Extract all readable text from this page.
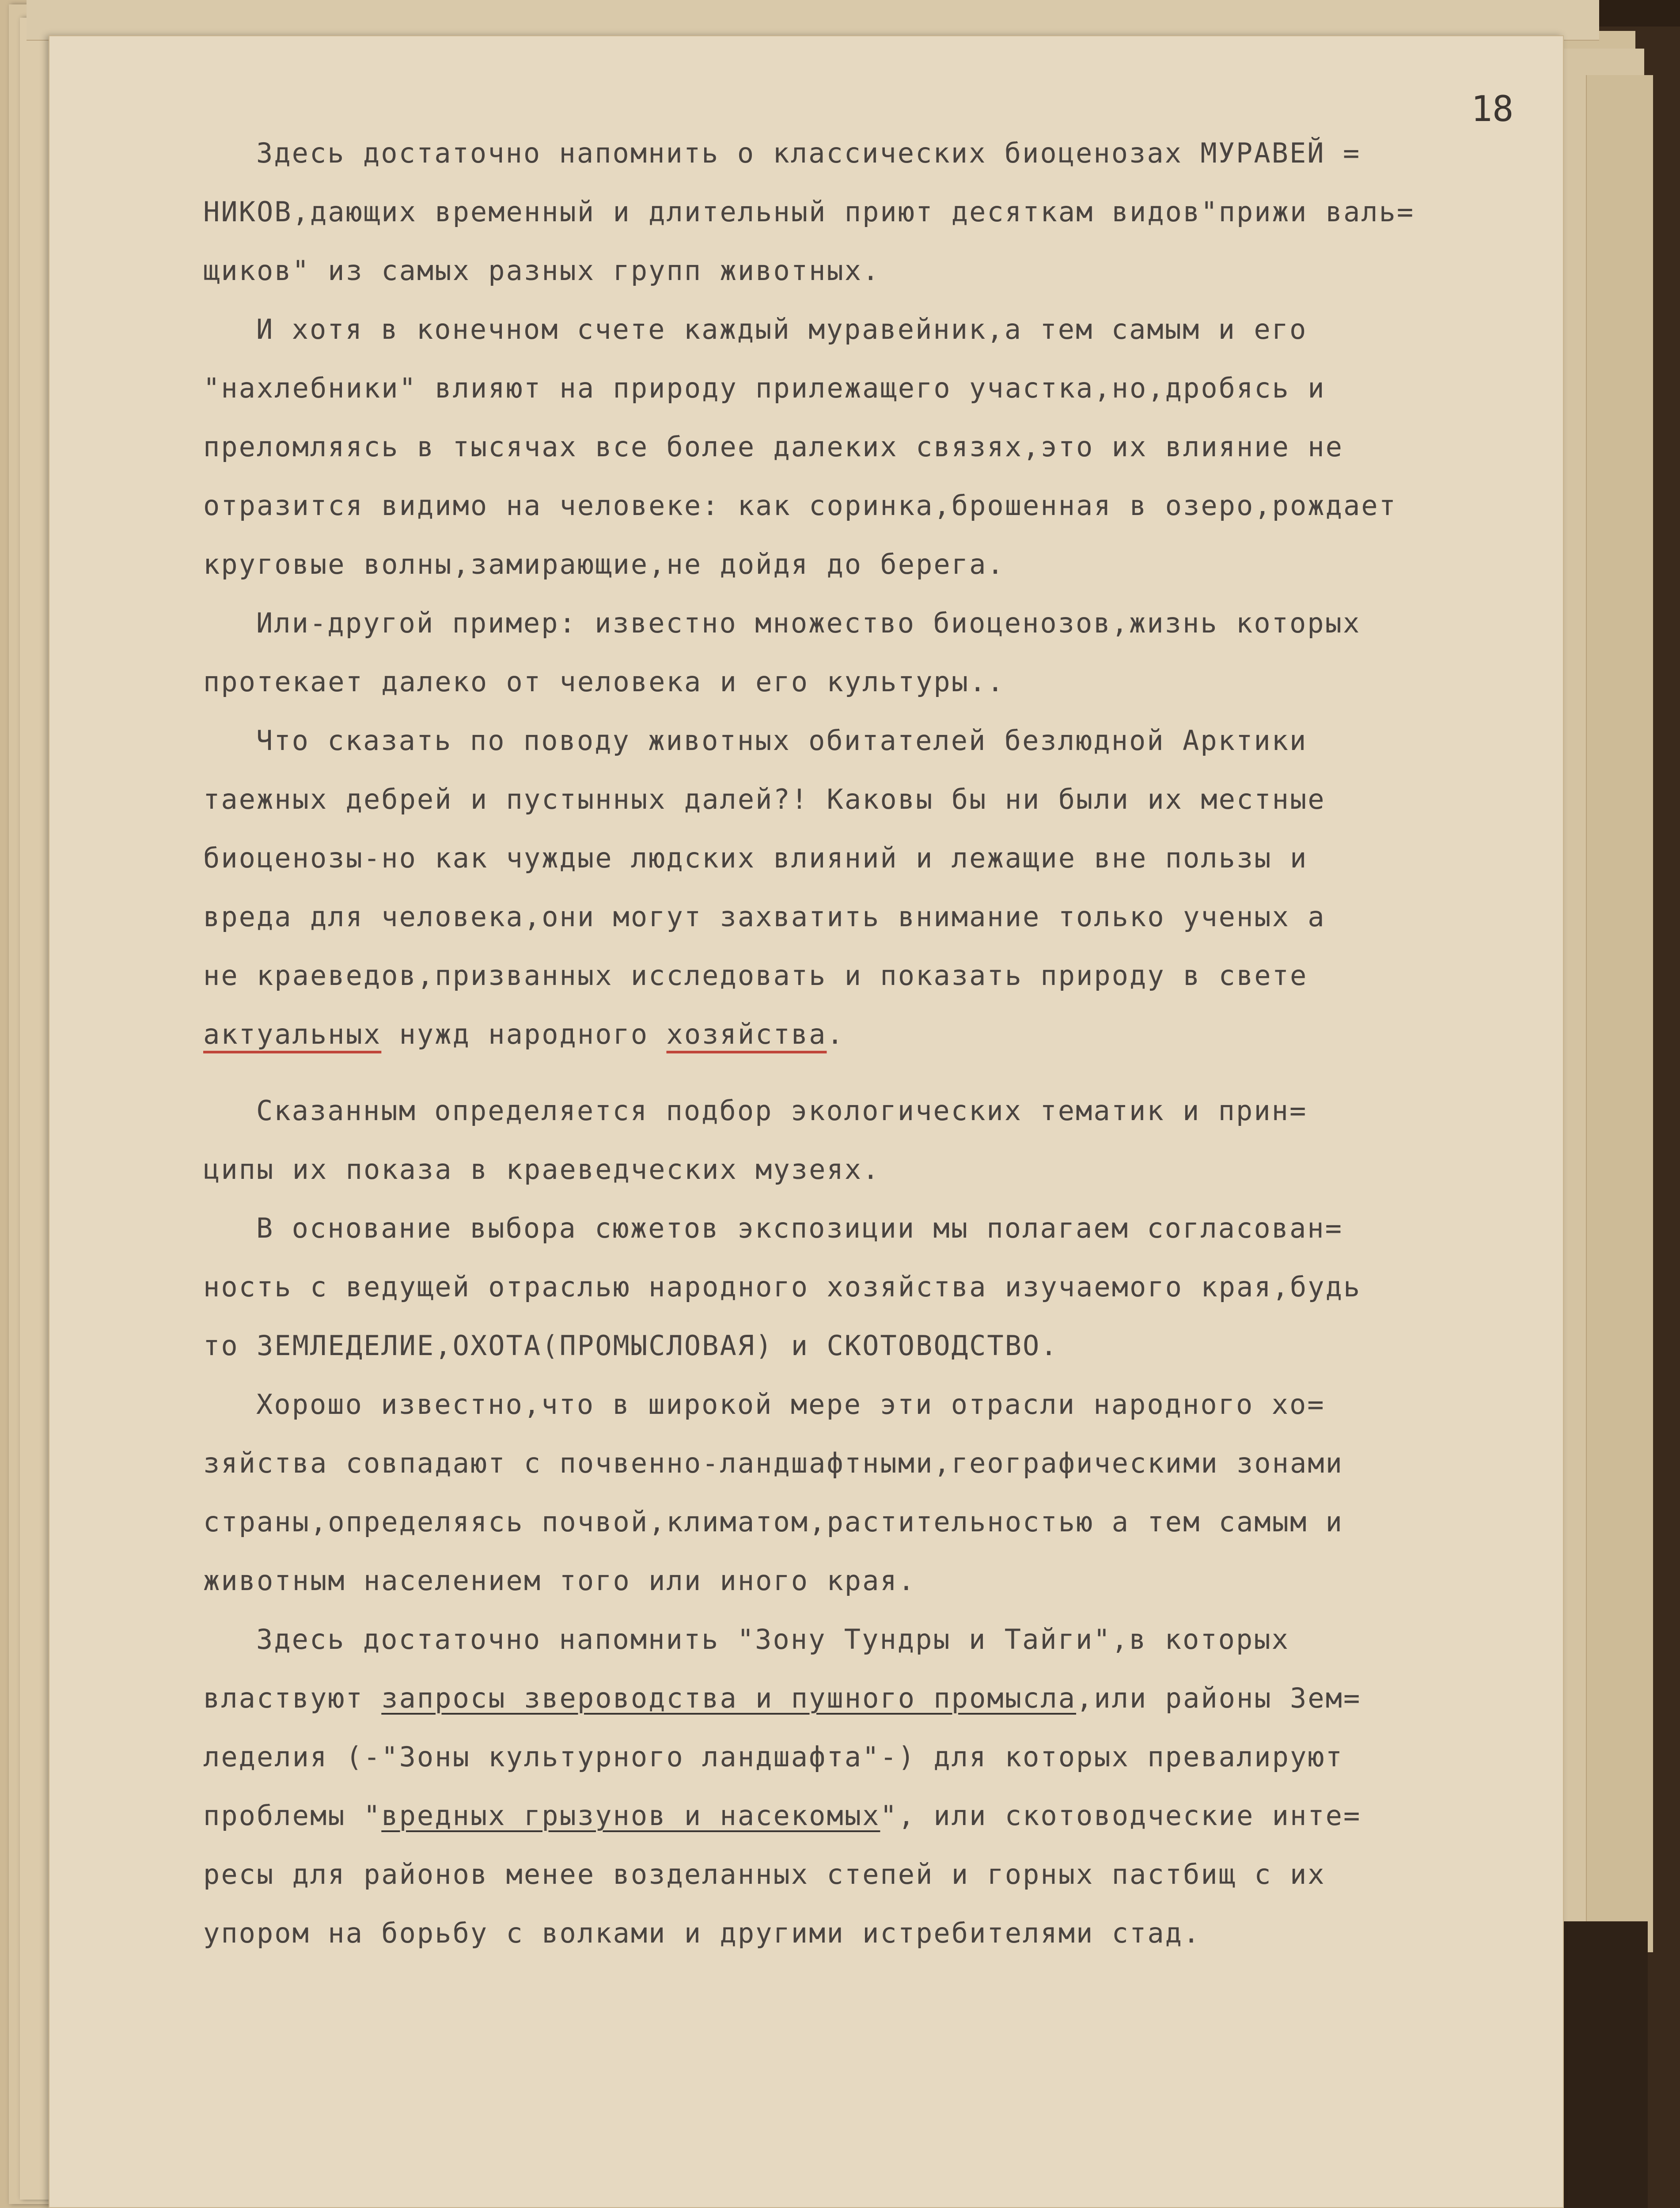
18

Здесь достаточно напомнить о классических биоценозах МУРАВЕЙ =
НИКОВ,дающих временный и длительный приют десяткам видов"прижи валь=
щиков" из самых разных групп животных.
И хотя в конечном счете каждый муравейник,а тем самым и его
"нахлебники" влияют на природу прилежащего участка,но,дробясь и
преломляясь в тысячах все более далеких связях,это их влияние не
отразится видимо на человеке: как соринка,брошенная в озеро,рождает
круговые волны,замирающие,не дойдя до берега.
Или-другой пример: известно множество биоценозов,жизнь которых
протекает далеко от человека и его культуры..
Что сказать по поводу животных обитателей безлюдной Арктики
таежных дебрей и пустынных далей?! Каковы бы ни были их местные
биоценозы-но как чуждые людских влияний и лежащие вне пользы и
вреда для человека,они могут захватить внимание только ученых а
не краеведов,призванных исследовать и показать природу в свете
актуальных нужд народного хозяйства.
Сказанным определяется подбор экологических тематик и прин=
ципы их показа в краеведческих музеях.
В основание выбора сюжетов экспозиции мы полагаем согласован=
ность с ведущей отраслью народного хозяйства изучаемого края,будь
то ЗЕМЛЕДЕЛИЕ,ОХОТА(ПРОМЫСЛОВАЯ) и СКОТОВОДСТВО.
Хорошо известно,что в широкой мере эти отрасли народного хо=
зяйства совпадают с почвенно-ландшафтными,географическими зонами
страны,определяясь почвой,климатом,растительностью а тем самым и
животным населением того или иного края.
Здесь достаточно напомнить "Зону Тундры и Тайги",в которых
властвуют запросы звероводства и пушного промысла,или районы Зем=
леделия (-"Зоны культурного ландшафта"-) для которых превалируют
проблемы "вредных грызунов и насекомых", или скотоводческие инте=
ресы для районов менее возделанных степей и горных пастбищ с их
упором на борьбу с волками и другими истребителями стад.
